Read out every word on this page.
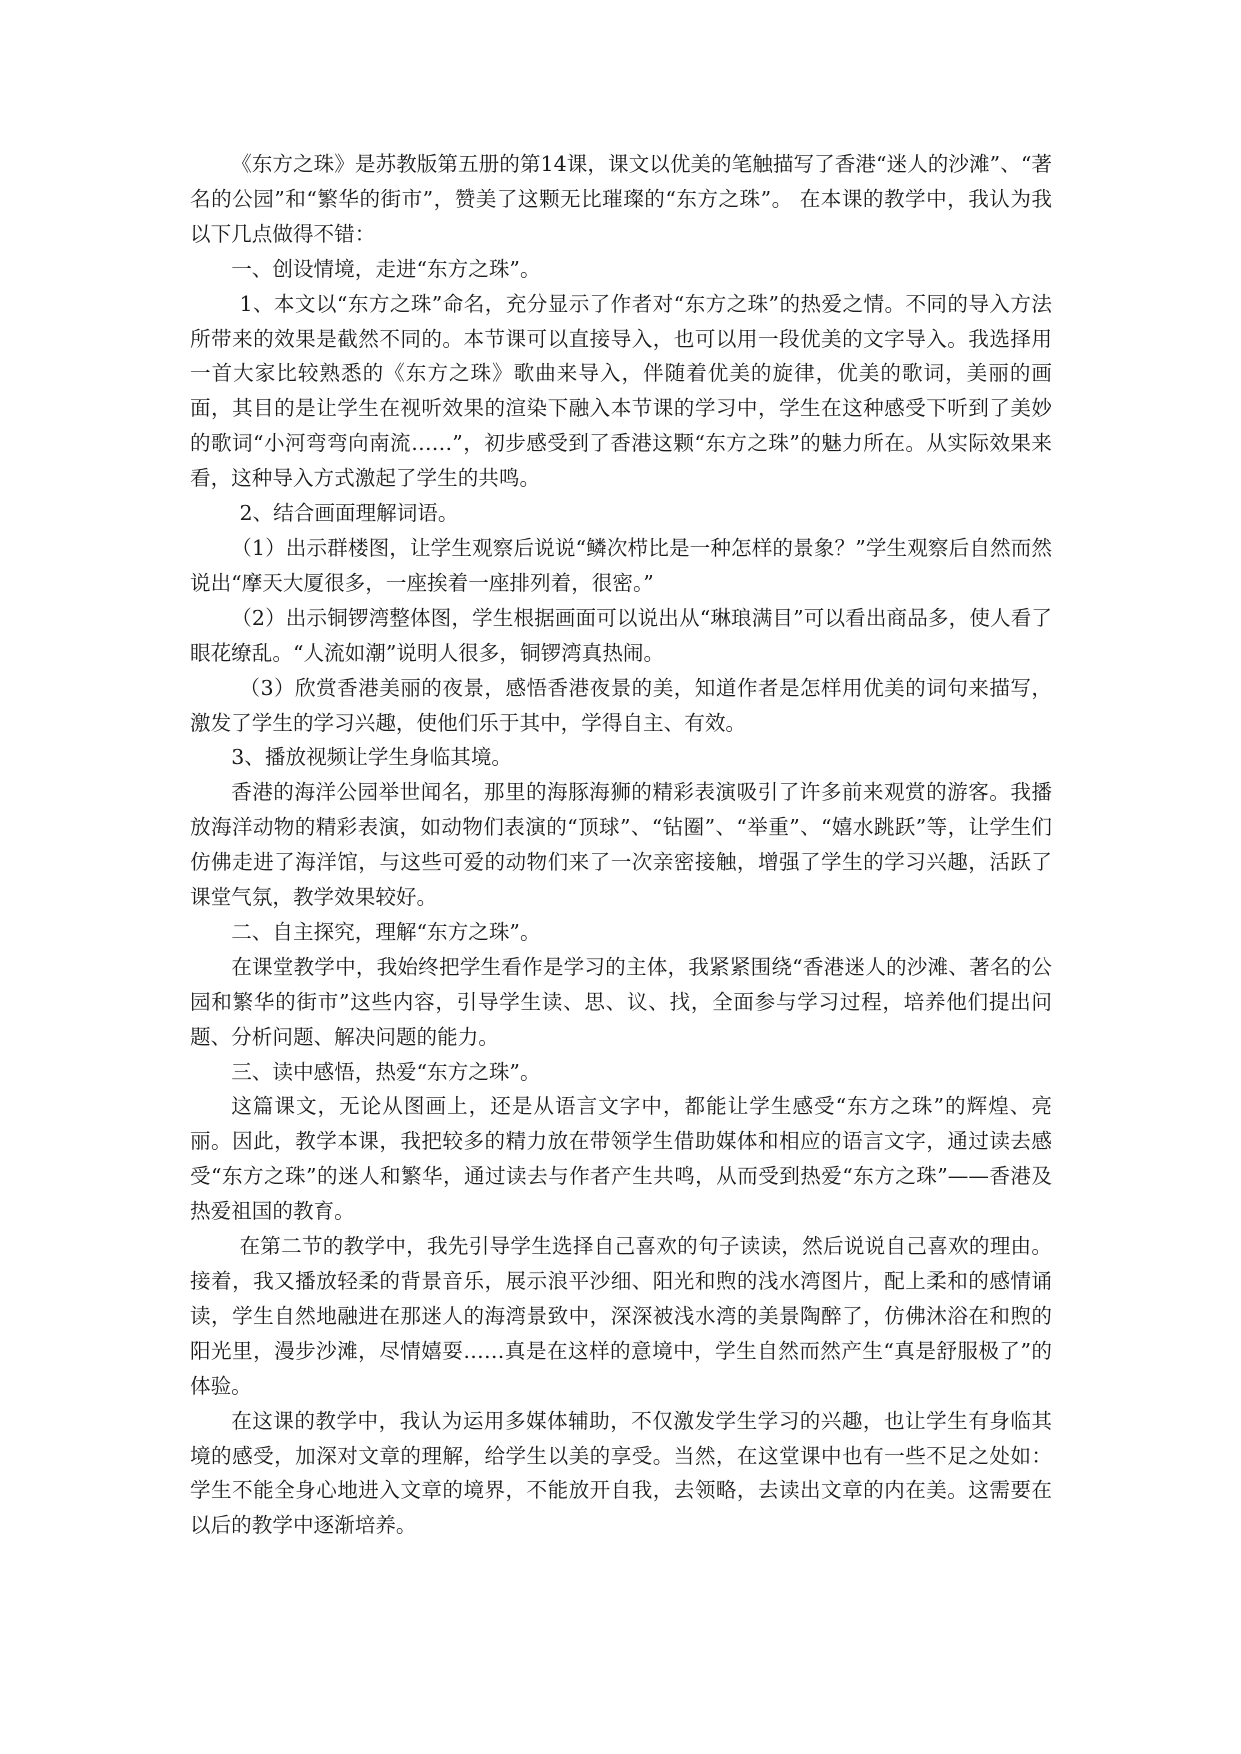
《东方之珠》是苏教版第五册的第14课，课文以优美的笔触描写了香港“迷人的沙滩”、“著名的公园”和“繁华的街市”，赞美了这颗无比璀璨的“东方之珠”。 在本课的教学中，我认为我以下几点做得不错：

一、创设情境，走进“东方之珠”。

1、本文以“东方之珠”命名，充分显示了作者对“东方之珠”的热爱之情。不同的导入方法所带来的效果是截然不同的。本节课可以直接导入，也可以用一段优美的文字导入。我选择用一首大家比较熟悉的《东方之珠》歌曲来导入，伴随着优美的旋律，优美的歌词，美丽的画面，其目的是让学生在视听效果的渲染下融入本节课的学习中，学生在这种感受下听到了美妙的歌词“小河弯弯向南流……”，初步感受到了香港这颗“东方之珠”的魅力所在。从实际效果来看，这种导入方式激起了学生的共鸣。

2、结合画面理解词语。

（1）出示群楼图，让学生观察后说说“鳞次栉比是一种怎样的景象？”学生观察后自然而然说出“摩天大厦很多，一座挨着一座排列着，很密。”

（2）出示铜锣湾整体图，学生根据画面可以说出从“琳琅满目”可以看出商品多，使人看了眼花缭乱。“人流如潮”说明人很多，铜锣湾真热闹。

（3）欣赏香港美丽的夜景，感悟香港夜景的美，知道作者是怎样用优美的词句来描写，激发了学生的学习兴趣，使他们乐于其中，学得自主、有效。

3、播放视频让学生身临其境。

香港的海洋公园举世闻名，那里的海豚海狮的精彩表演吸引了许多前来观赏的游客。我播放海洋动物的精彩表演，如动物们表演的“顶球”、“钻圈”、“举重”、“嬉水跳跃”等，让学生们仿佛走进了海洋馆，与这些可爱的动物们来了一次亲密接触，增强了学生的学习兴趣，活跃了课堂气氛，教学效果较好。

二、自主探究，理解“东方之珠”。

在课堂教学中，我始终把学生看作是学习的主体，我紧紧围绕“香港迷人的沙滩、著名的公园和繁华的街市”这些内容，引导学生读、思、议、找，全面参与学习过程，培养他们提出问题、分析问题、解决问题的能力。

三、读中感悟，热爱“东方之珠”。

这篇课文，无论从图画上，还是从语言文字中，都能让学生感受“东方之珠”的辉煌、亮丽。因此，教学本课，我把较多的精力放在带领学生借助媒体和相应的语言文字，通过读去感受“东方之珠”的迷人和繁华，通过读去与作者产生共鸣，从而受到热爱“东方之珠”——香港及热爱祖国的教育。

在第二节的教学中，我先引导学生选择自己喜欢的句子读读，然后说说自己喜欢的理由。接着，我又播放轻柔的背景音乐，展示浪平沙细、阳光和煦的浅水湾图片，配上柔和的感情诵读，学生自然地融进在那迷人的海湾景致中，深深被浅水湾的美景陶醉了，仿佛沐浴在和煦的阳光里，漫步沙滩，尽情嬉耍……真是在这样的意境中，学生自然而然产生“真是舒服极了”的体验。

在这课的教学中，我认为运用多媒体辅助，不仅激发学生学习的兴趣，也让学生有身临其境的感受，加深对文章的理解，给学生以美的享受。当然，在这堂课中也有一些不足之处如：学生不能全身心地进入文章的境界，不能放开自我，去领略，去读出文章的内在美。这需要在以后的教学中逐渐培养。
